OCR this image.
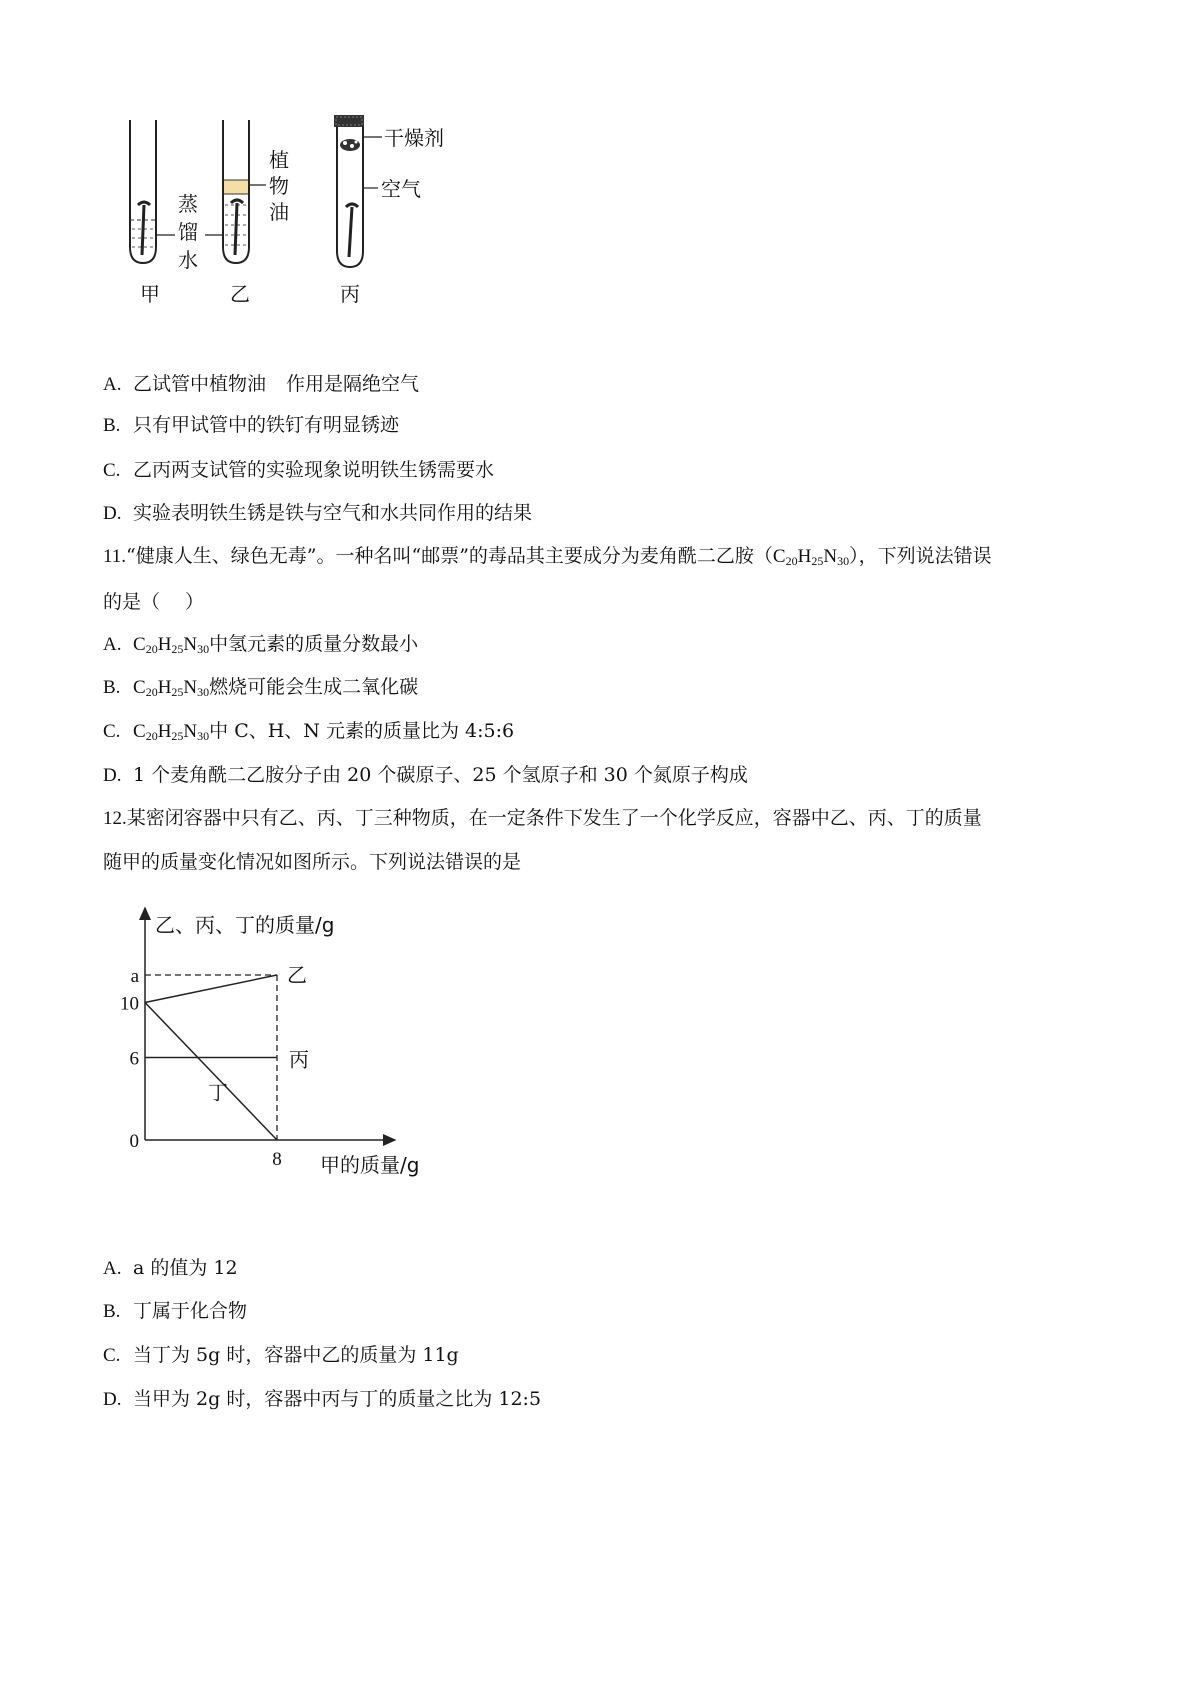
蒸
馏
水
植
物
油
干燥剂
空气
甲	乙	丙
A. 乙试管中植物油 作用是隔绝空气
B. 只有甲试管中的铁钉有明显锈迹
C. 乙丙两支试管的实验现象说明铁生锈需要水
D. 实验表明铁生锈是铁与空气和水共同作用的结果
11.“健康人生、绿色无毒”。一种名叫“邮票”的毒品其主要成分为麦角酰二乙胺$(C_{20}H_{25}N_{30})$，下列说法错误
的是（　 ）
A. $C_{20}H_{25}N_{30}$中氢元素的质量分数最小
B. $C_{20}H_{25}N_{30}$燃烧可能会生成二氧化碳
C. $C_{20}H_{25}N_{30}$中 C、H、N 元素的质量比为 4:5:6
D. 1 个麦角酰二乙胺分子由 20 个碳原子、25 个氢原子和 30 个氮原子构成
12.某密闭容器中只有乙、丙、丁三种物质，在一定条件下发生了一个化学反应，容器中乙、丙、丁的质量
随甲的质量变化情况如图所示。下列说法错误的是
乙
丙
丁
a
10
6
0
8
乙、丙、丁的质量/g
甲的质量/g
A. a 的值为 12
B. 丁属于化合物
C. 当丁为 5g 时，容器中乙的质量为 11g
D. 当甲为 2g 时，容器中丙与丁的质量之比为 12:5
